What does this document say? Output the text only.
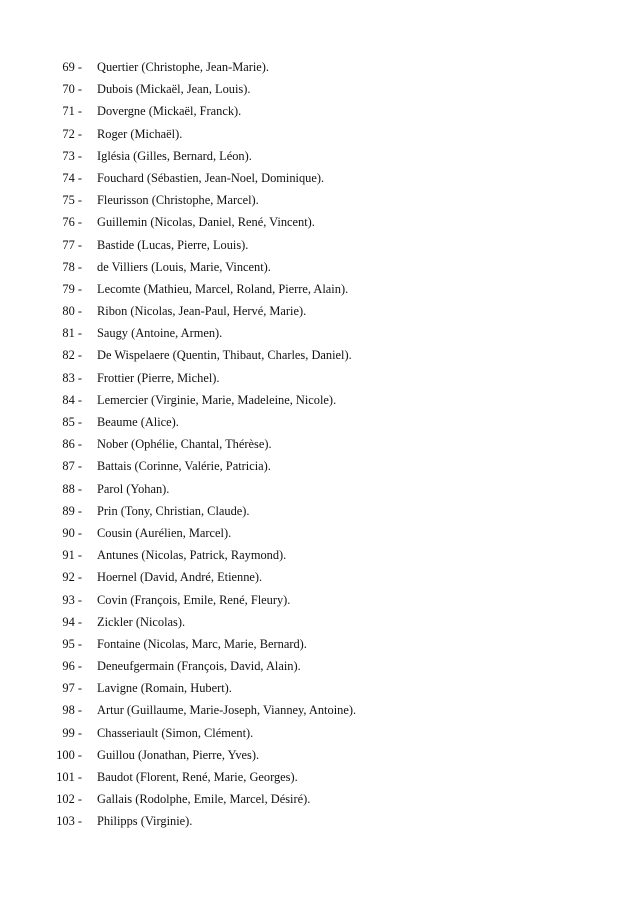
69 - Quertier (Christophe, Jean-Marie).
70 - Dubois (Mickaël, Jean, Louis).
71 - Dovergne (Mickaël, Franck).
72 - Roger (Michaël).
73 - Iglésia (Gilles, Bernard, Léon).
74 - Fouchard (Sébastien, Jean-Noel, Dominique).
75 - Fleurisson (Christophe, Marcel).
76 - Guillemin (Nicolas, Daniel, René, Vincent).
77 - Bastide (Lucas, Pierre, Louis).
78 - de Villiers (Louis, Marie, Vincent).
79 - Lecomte (Mathieu, Marcel, Roland, Pierre, Alain).
80 - Ribon (Nicolas, Jean-Paul, Hervé, Marie).
81 - Saugy (Antoine, Armen).
82 - De Wispelaere (Quentin, Thibaut, Charles, Daniel).
83 - Frottier (Pierre, Michel).
84 - Lemercier (Virginie, Marie, Madeleine, Nicole).
85 - Beaume (Alice).
86 - Nober (Ophélie, Chantal, Thérèse).
87 - Battais (Corinne, Valérie, Patricia).
88 - Parol (Yohan).
89 - Prin (Tony, Christian, Claude).
90 - Cousin (Aurélien, Marcel).
91 - Antunes (Nicolas, Patrick, Raymond).
92 - Hoernel (David, André, Etienne).
93 - Covin (François, Emile, René, Fleury).
94 - Zickler (Nicolas).
95 - Fontaine (Nicolas, Marc, Marie, Bernard).
96 - Deneufgermain (François, David, Alain).
97 - Lavigne (Romain, Hubert).
98 - Artur (Guillaume, Marie-Joseph, Vianney, Antoine).
99 - Chasseriault (Simon, Clément).
100 - Guillou (Jonathan, Pierre, Yves).
101 - Baudot (Florent, René, Marie, Georges).
102 - Gallais (Rodolphe, Emile, Marcel, Désiré).
103 - Philipps (Virginie).
